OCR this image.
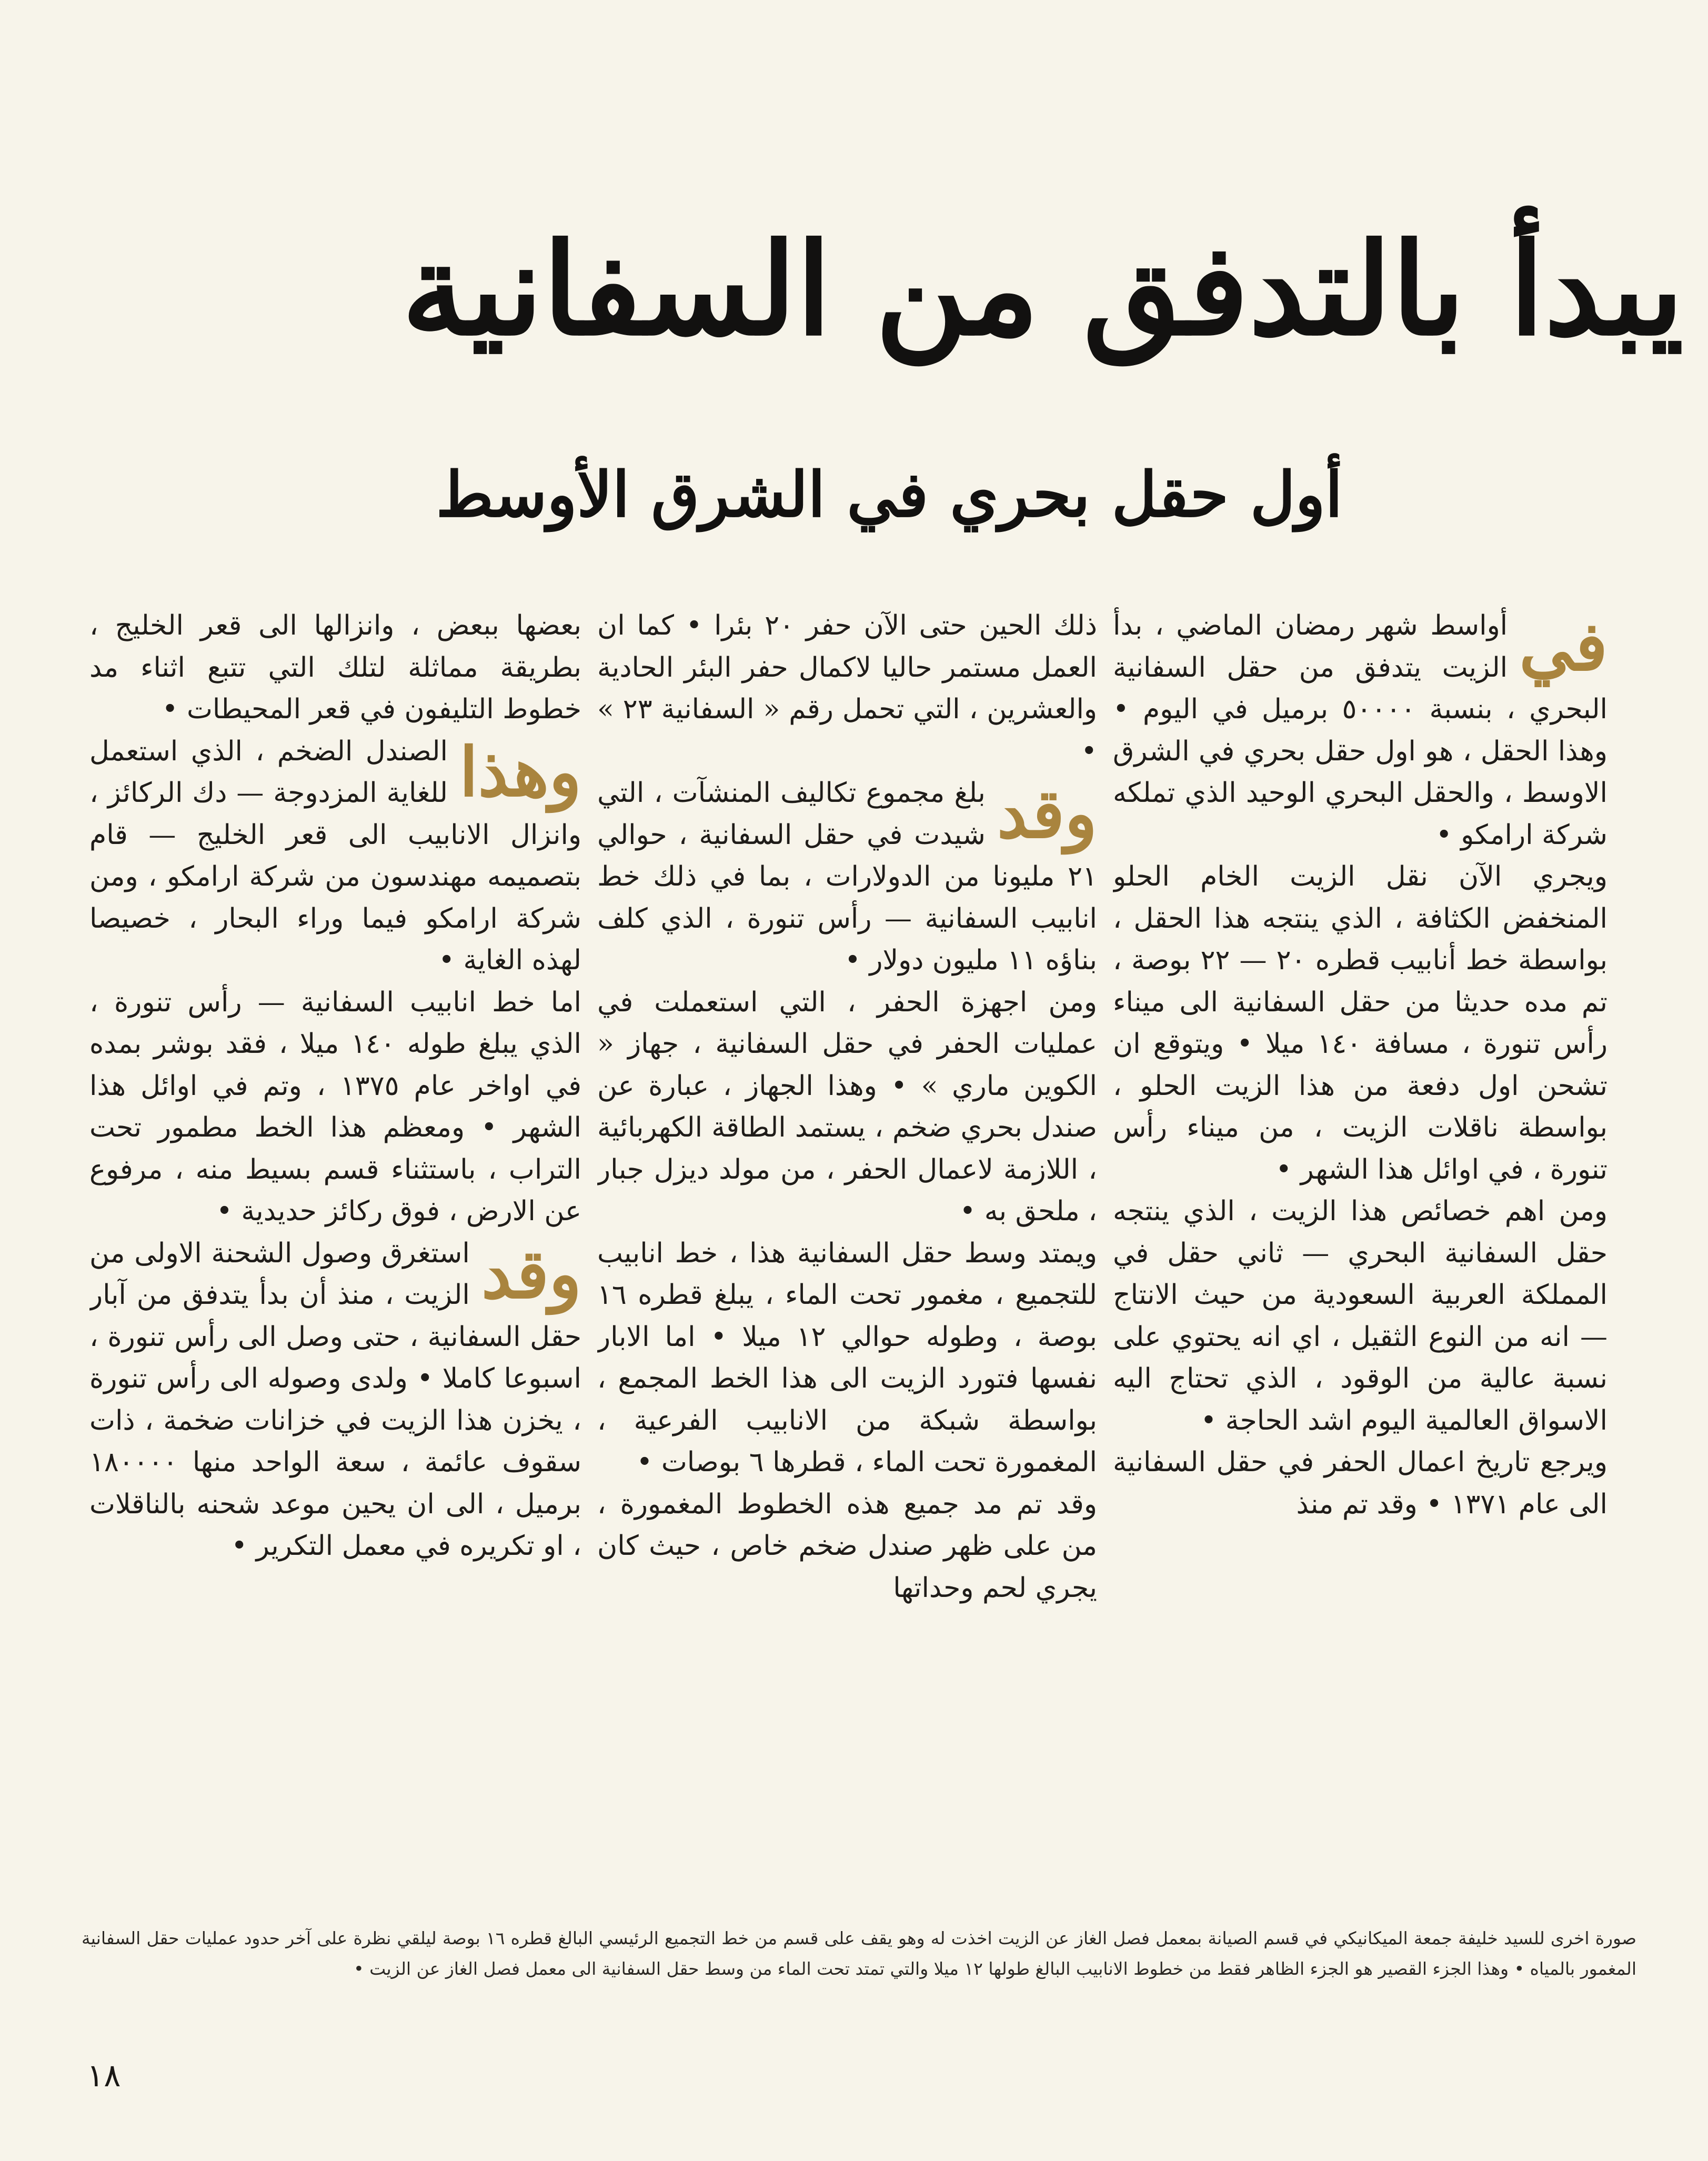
يبدأ بالتدفق من السفانية
أول حقل بحري في الشرق الأوسط
في

أواسط شهر رمضان الماضي ، بدأ الزيت يتدفق من حقل السفانية البحري ، بنسبة ٥٠٠٠٠ برميل في اليوم • وهذا الحقل ، هو اول حقل بحري في الشرق الاوسط ، والحقل البحري الوحيد الذي تملكه شركة ارامكو •

ويجري الآن نقل الزيت الخام الحلو المنخفض الكثافة ، الذي ينتجه هذا الحقل ، بواسطة خط أنابيب قطره ٢٠ — ٢٢ بوصة ، تم مده حديثا من حقل السفانية الى ميناء رأس تنورة ، مسافة ١٤٠ ميلا • ويتوقع ان تشحن اول دفعة من هذا الزيت الحلو ، بواسطة ناقلات الزيت ، من ميناء رأس تنورة ، في اوائل هذا الشهر •

ومن اهم خصائص هذا الزيت ، الذي ينتجه حقل السفانية البحري — ثاني حقل في المملكة العربية السعودية من حيث الانتاج — انه من النوع الثقيل ، اي انه يحتوي على نسبة عالية من الوقود ، الذي تحتاج اليه الاسواق العالمية اليوم اشد الحاجة •

ويرجع تاريخ اعمال الحفر في حقل السفانية الى عام ١٣٧١ • وقد تم منذ

ذلك الحين حتى الآن حفر ٢٠ بئرا • كما ان العمل مستمر حاليا لاكمال حفر البئر الحادية والعشرين ، التي تحمل رقم « السفانية ٢٣ » •

وقد

بلغ مجموع تكاليف المنشآت ، التي شيدت في حقل السفانية ، حوالي ٢١ مليونا من الدولارات ، بما في ذلك خط انابيب السفانية — رأس تنورة ، الذي كلف بناؤه ١١ مليون دولار •

ومن اجهزة الحفر ، التي استعملت في عمليات الحفر في حقل السفانية ، جهاز « الكوين ماري » • وهذا الجهاز ، عبارة عن صندل بحري ضخم ، يستمد الطاقة الكهربائية ، اللازمة لاعمال الحفر ، من مولد ديزل جبار ، ملحق به •

ويمتد وسط حقل السفانية هذا ، خط انابيب للتجميع ، مغمور تحت الماء ، يبلغ قطره ١٦ بوصة ، وطوله حوالي ١٢ ميلا • اما الابار نفسها فتورد الزيت الى هذا الخط المجمع ، بواسطة شبكة من الانابيب الفرعية ، المغمورة تحت الماء ، قطرها ٦ بوصات •

وقد تم مد جميع هذه الخطوط المغمورة ، من على ظهر صندل ضخم خاص ، حيث كان يجري لحم وحداتها

بعضها ببعض ، وانزالها الى قعر الخليج ، بطريقة مماثلة لتلك التي تتبع اثناء مد خطوط التليفون في قعر المحيطات •

وهذا

الصندل الضخم ، الذي استعمل للغاية المزدوجة — دك الركائز ، وانزال الانابيب الى قعر الخليج — قام بتصميمه مهندسون من شركة ارامكو ، ومن شركة ارامكو فيما وراء البحار ، خصيصا لهذه الغاية •

اما خط انابيب السفانية — رأس تنورة ، الذي يبلغ طوله ١٤٠ ميلا ، فقد بوشر بمده في اواخر عام ١٣٧٥ ، وتم في اوائل هذا الشهر • ومعظم هذا الخط مطمور تحت التراب ، باستثناء قسم بسيط منه ، مرفوع عن الارض ، فوق ركائز حديدية •

وقد

استغرق وصول الشحنة الاولى من الزيت ، منذ أن بدأ يتدفق من آبار حقل السفانية ، حتى وصل الى رأس تنورة ، اسبوعا كاملا • ولدى وصوله الى رأس تنورة ، يخزن هذا الزيت في خزانات ضخمة ، ذات سقوف عائمة ، سعة الواحد منها ١٨٠٠٠٠ برميل ، الى ان يحين موعد شحنه بالناقلات ، او تكريره في معمل التكرير •

صورة اخرى للسيد خليفة جمعة الميكانيكي في قسم الصيانة بمعمل فصل الغاز عن الزيت اخذت له وهو يقف على قسم من خط التجميع الرئيسي البالغ قطره ١٦ بوصة ليلقي نظرة على آخر حدود عمليات حقل السفانية المغمور بالمياه • وهذا الجزء القصير هو الجزء الظاهر فقط من خطوط الانابيب البالغ طولها ١٢ ميلا والتي تمتد تحت الماء من وسط حقل السفانية الى معمل فصل الغاز عن الزيت •
١٨
